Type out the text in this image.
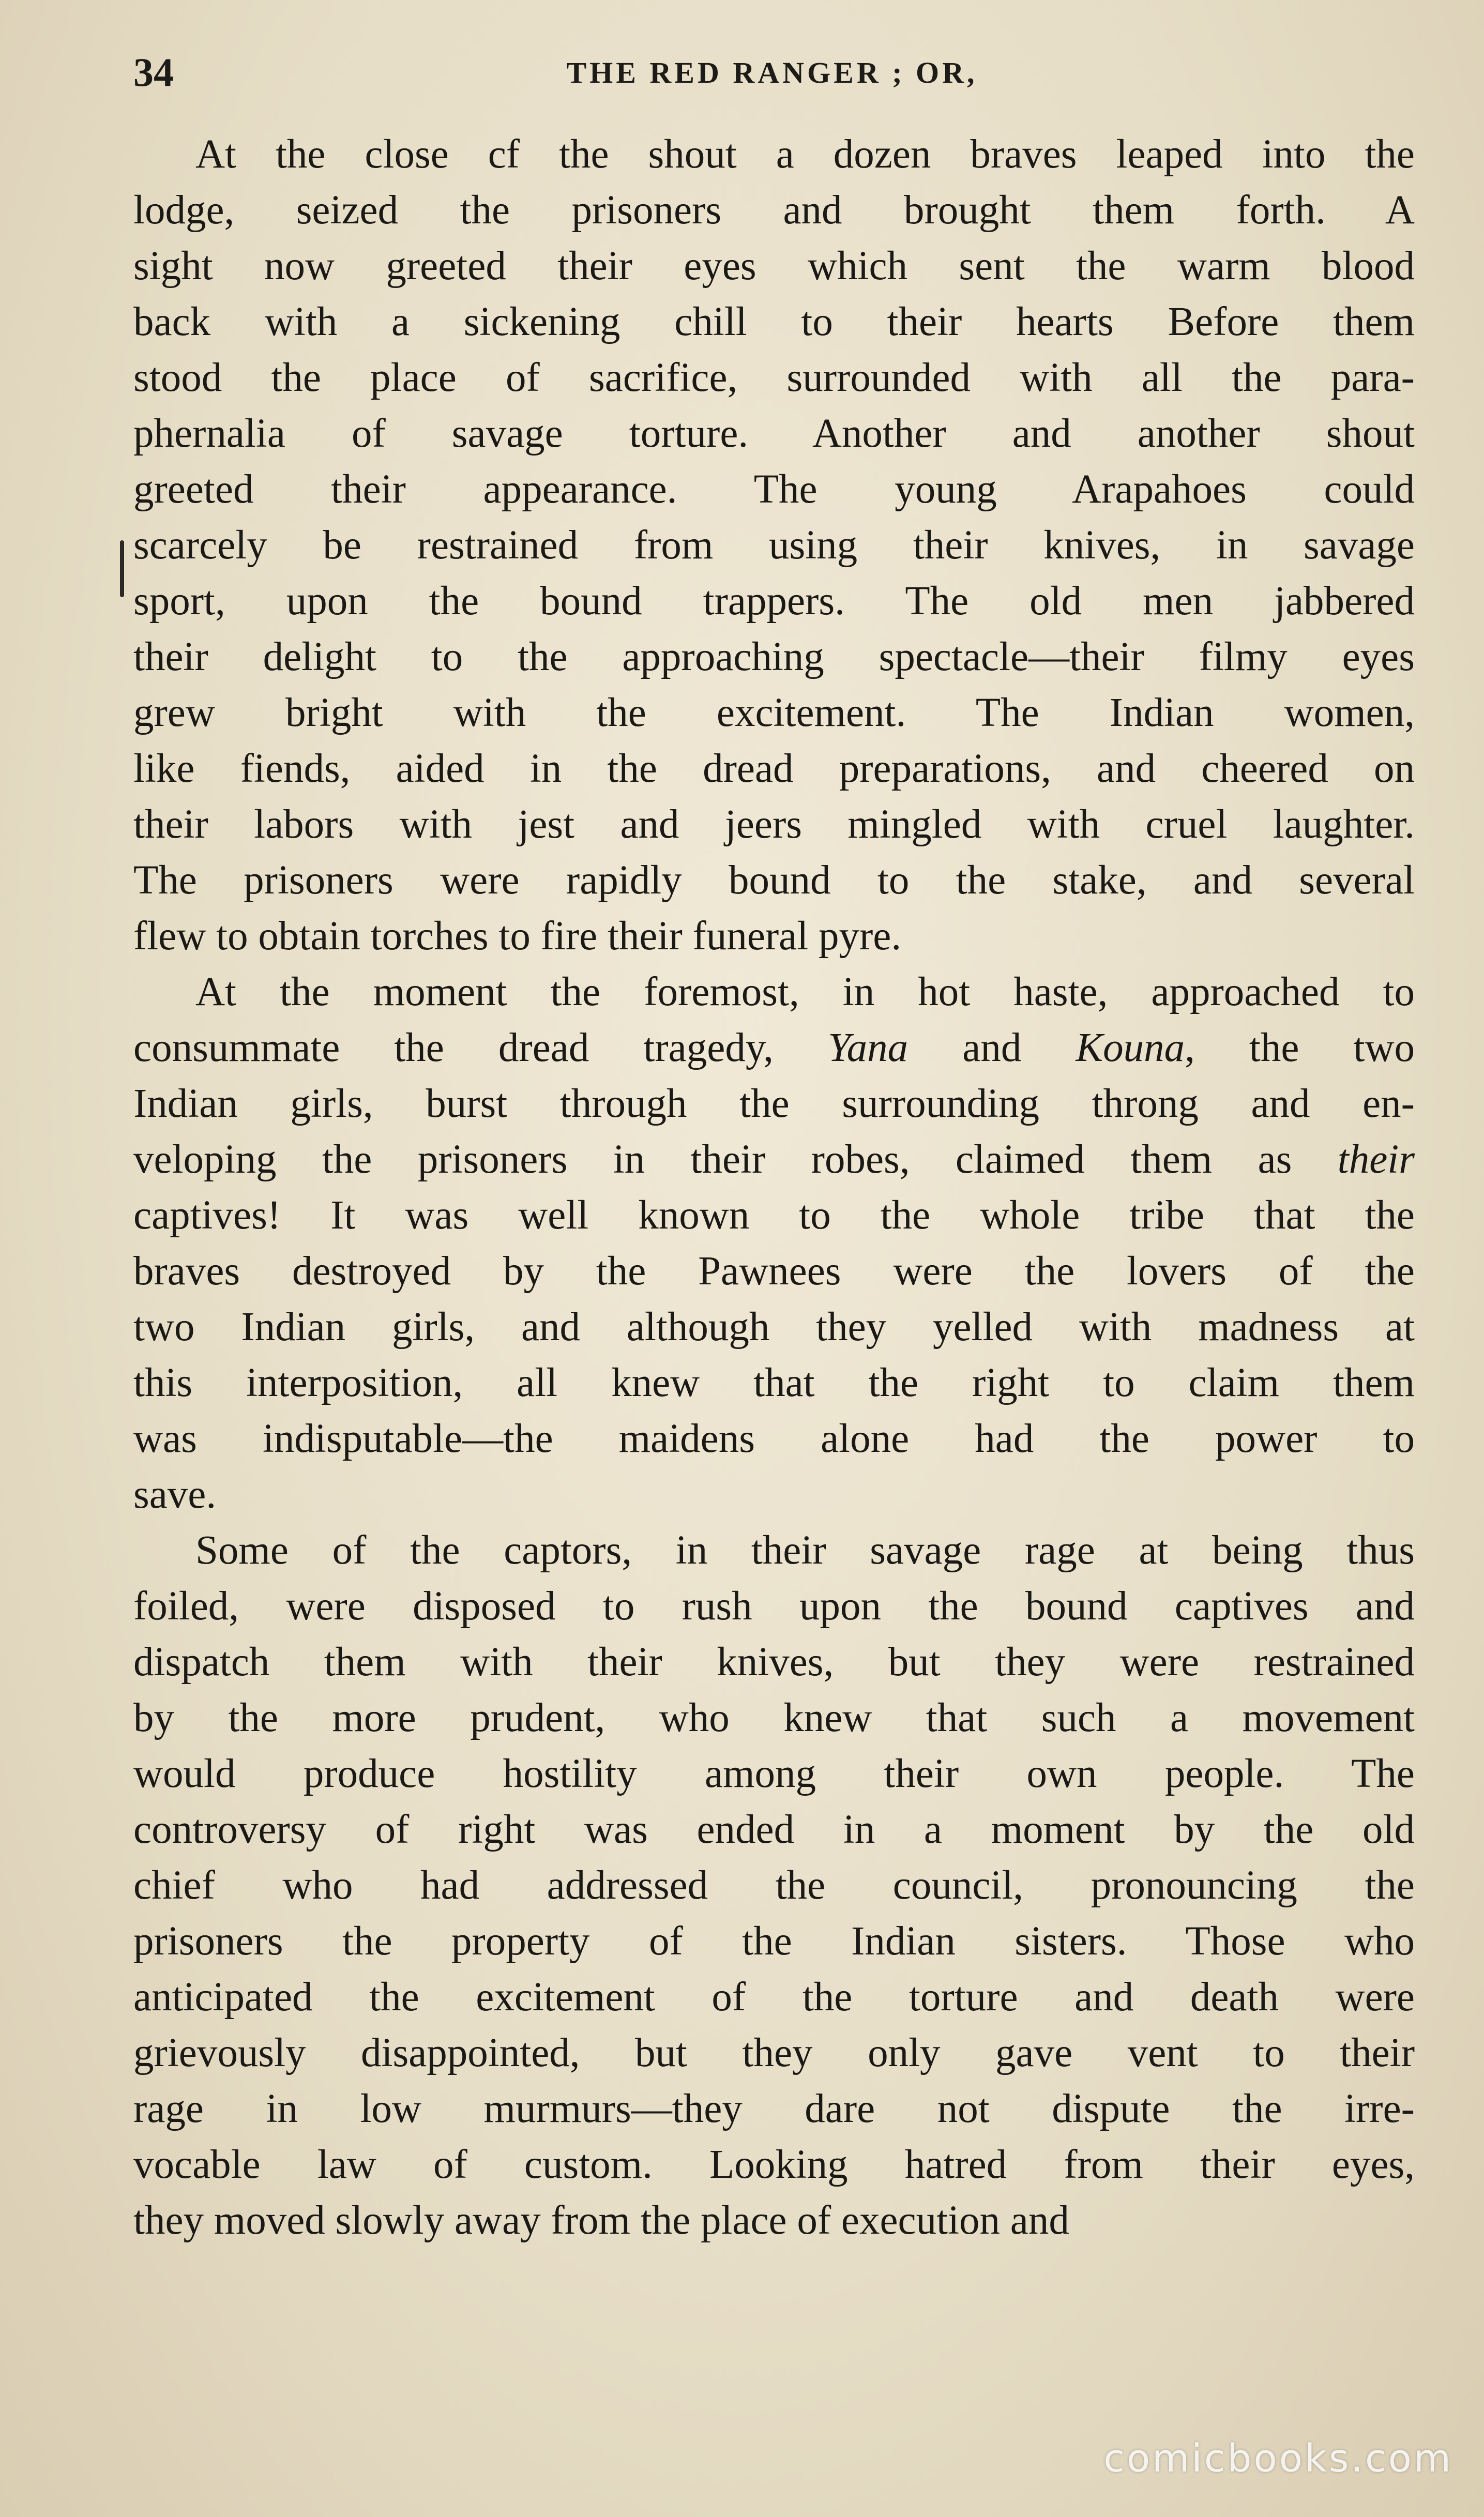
34	THE RED RANGER ; OR,
At the close cf the shout a dozen braves leaped into the
lodge, seized the prisoners and brought them forth. A
sight now greeted their eyes which sent the warm blood
back with a sickening chill to their hearts Before them
stood the place of sacrifice, surrounded with all the para-
phernalia of savage torture. Another and another shout
greeted their appearance. The young Arapahoes could
scarcely be restrained from using their knives, in savage
sport, upon the bound trappers. The old men jabbered
their delight to the approaching spectacle—their filmy eyes
grew bright with the excitement. The Indian women,
like fiends, aided in the dread preparations, and cheered on
their labors with jest and jeers mingled with cruel laughter.
The prisoners were rapidly bound to the stake, and several
flew to obtain torches to fire their funeral pyre.
At the moment the foremost, in hot haste, approached to
consummate the dread tragedy, Yana and Kouna, the two
Indian girls, burst through the surrounding throng and en-
veloping the prisoners in their robes, claimed them as their
captives! It was well known to the whole tribe that the
braves destroyed by the Pawnees were the lovers of the
two Indian girls, and although they yelled with madness at
this interposition, all knew that the right to claim them
was indisputable—the maidens alone had the power to
save.
Some of the captors, in their savage rage at being thus
foiled, were disposed to rush upon the bound captives and
dispatch them with their knives, but they were restrained
by the more prudent, who knew that such a movement
would produce hostility among their own people. The
controversy of right was ended in a moment by the old
chief who had addressed the council, pronouncing the
prisoners the property of the Indian sisters. Those who
anticipated the excitement of the torture and death were
grievously disappointed, but they only gave vent to their
rage in low murmurs—they dare not dispute the irre-
vocable law of custom. Looking hatred from their eyes,
they moved slowly away from the place of execution and
comicbooks.com
